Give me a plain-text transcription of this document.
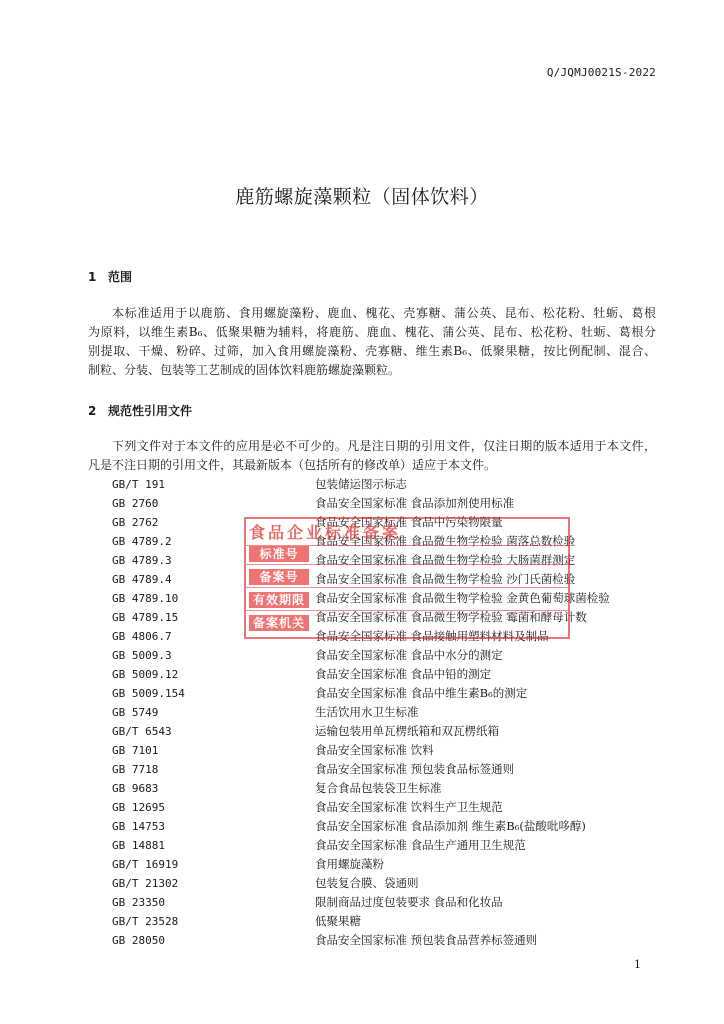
Q/JQMJ0021S-2022
鹿筋螺旋藻颗粒（固体饮料）
1 范围
本标准适用于以鹿筋、食用螺旋藻粉、鹿血、槐花、壳寡糖、蒲公英、昆布、松花粉、牡蛎、葛根
为原料，以维生素B₆、低聚果糖为辅料，将鹿筋、鹿血、槐花、蒲公英、昆布、松花粉、牡蛎、葛根分
别提取、干燥、粉碎、过筛，加入食用螺旋藻粉、壳寡糖、维生素B₆、低聚果糖，按比例配制、混合、
制粒、分装、包装等工艺制成的固体饮料鹿筋螺旋藻颗粒。
2 规范性引用文件
下列文件对于本文件的应用是必不可少的。凡是注日期的引用文件，仅注日期的版本适用于本文件，
凡是不注日期的引用文件，其最新版本（包括所有的修改单）适应于本文件。
GB/T 191	包装储运图示标志
GB 2760	食品安全国家标准 食品添加剂使用标准
GB 2762	食品安全国家标准 食品中污染物限量
GB 4789.2	食品安全国家标准 食品微生物学检验 菌落总数检验
GB 4789.3	食品安全国家标准 食品微生物学检验 大肠菌群测定
GB 4789.4	食品安全国家标准 食品微生物学检验 沙门氏菌检验
GB 4789.10	食品安全国家标准 食品微生物学检验 金黄色葡萄球菌检验
GB 4789.15	食品安全国家标准 食品微生物学检验 霉菌和酵母计数
GB 4806.7	食品安全国家标准 食品接触用塑料材料及制品
GB 5009.3	食品安全国家标准 食品中水分的测定
GB 5009.12	食品安全国家标准 食品中铅的测定
GB 5009.154	食品安全国家标准 食品中维生素B₆的测定
GB 5749	生活饮用水卫生标准
GB/T 6543	运输包装用单瓦楞纸箱和双瓦楞纸箱
GB 7101	食品安全国家标准 饮料
GB 7718	食品安全国家标准 预包装食品标签通则
GB 9683	复合食品包装袋卫生标准
GB 12695	食品安全国家标准 饮料生产卫生规范
GB 14753	食品安全国家标准 食品添加剂 维生素B₆(盐酸吡哆醇)
GB 14881	食品安全国家标准 食品生产通用卫生规范
GB/T 16919	食用螺旋藻粉
GB/T 21302	包装复合膜、袋通则
GB 23350	限制商品过度包装要求 食品和化妆品
GB/T 23528	低聚果糖
GB 28050	食品安全国家标准 预包装食品营养标签通则
1
食品企业标准备案
标准号
备案号
有效期限
备案机关
